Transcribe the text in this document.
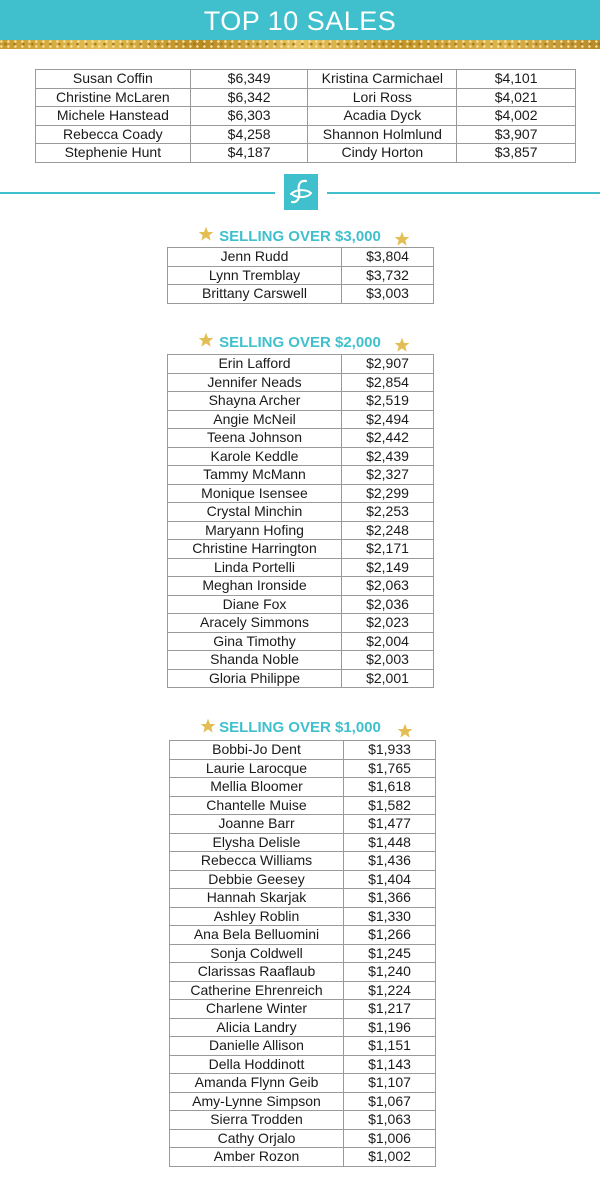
TOP 10 SALES
Susan Coffin	$6,349	Kristina Carmichael	$4,101
Christine McLaren	$6,342	Lori Ross	$4,021
Michele Hanstead	$6,303	Acadia Dyck	$4,002
Rebecca Coady	$4,258	Shannon Holmlund	$3,907
Stephenie Hunt	$4,187	Cindy Horton	$3,857
SELLING OVER $3,000
Jenn Rudd	$3,804
Lynn Tremblay	$3,732
Brittany Carswell	$3,003
SELLING OVER $2,000
Erin Lafford	$2,907
Jennifer Neads	$2,854
Shayna Archer	$2,519
Angie McNeil	$2,494
Teena Johnson	$2,442
Karole Keddle	$2,439
Tammy McMann	$2,327
Monique Isensee	$2,299
Crystal Minchin	$2,253
Maryann Hofing	$2,248
Christine Harrington	$2,171
Linda Portelli	$2,149
Meghan Ironside	$2,063
Diane Fox	$2,036
Aracely Simmons	$2,023
Gina Timothy	$2,004
Shanda Noble	$2,003
Gloria Philippe	$2,001
SELLING OVER $1,000
Bobbi-Jo Dent	$1,933
Laurie Larocque	$1,765
Mellia Bloomer	$1,618
Chantelle Muise	$1,582
Joanne Barr	$1,477
Elysha Delisle	$1,448
Rebecca Williams	$1,436
Debbie Geesey	$1,404
Hannah Skarjak	$1,366
Ashley Roblin	$1,330
Ana Bela Belluomini	$1,266
Sonja Coldwell	$1,245
Clarissas Raaflaub	$1,240
Catherine Ehrenreich	$1,224
Charlene Winter	$1,217
Alicia Landry	$1,196
Danielle Allison	$1,151
Della Hoddinott	$1,143
Amanda Flynn Geib	$1,107
Amy-Lynne Simpson	$1,067
Sierra Trodden	$1,063
Cathy Orjalo	$1,006
Amber Rozon	$1,002
